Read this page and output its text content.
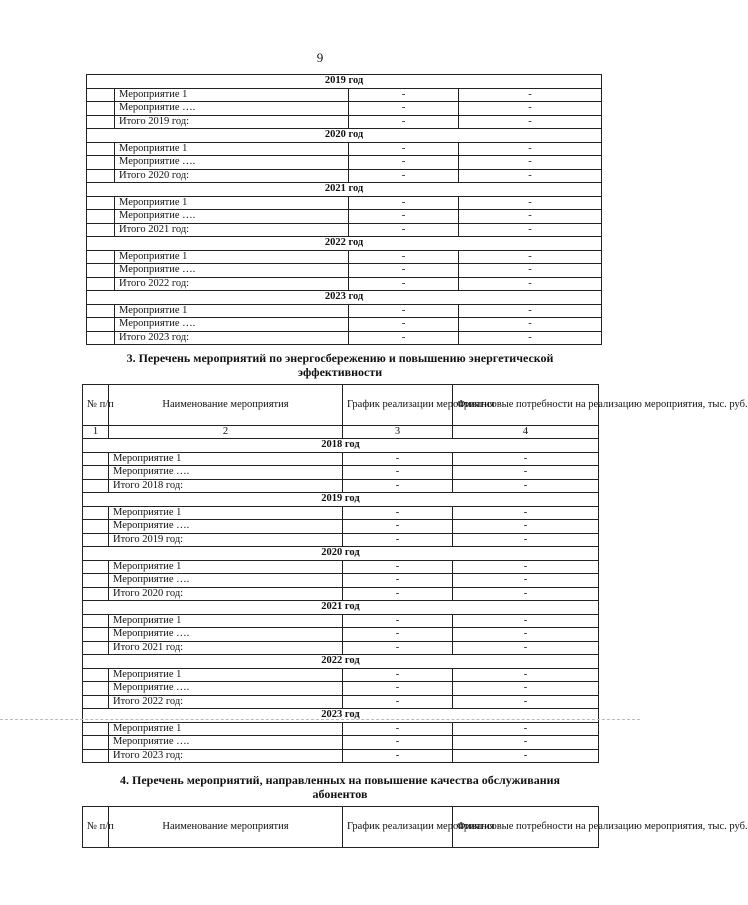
9
2019 год			
	Мероприятие 1	-	-
	Мероприятие ….	-	-
	Итого 2019 год:	-	-
2020 год			
	Мероприятие 1	-	-
	Мероприятие ….	-	-
	Итого 2020 год:	-	-
2021 год			
	Мероприятие 1	-	-
	Мероприятие ….	-	-
	Итого 2021 год:	-	-
2022 год			
	Мероприятие 1	-	-
	Мероприятие ….	-	-
	Итого 2022 год:	-	-
2023 год			
	Мероприятие 1	-	-
	Мероприятие ….	-	-
	Итого 2023 год:	-	-
3. Перечень мероприятий по энергосбережению и повышению энергетической
эффективности
№ п/п	Наименование мероприятия	График реализации мероприятия	Финансовые потребности на реализацию мероприятия, тыс. руб.
1	2	3	4
2018 год			
	Мероприятие 1	-	-
	Мероприятие ….	-	-
	Итого 2018 год:	-	-
2019 год			
	Мероприятие 1	-	-
	Мероприятие ….	-	-
	Итого 2019 год:	-	-
2020 год			
	Мероприятие 1	-	-
	Мероприятие ….	-	-
	Итого 2020 год:	-	-
2021 год			
	Мероприятие 1	-	-
	Мероприятие ….	-	-
	Итого 2021 год:	-	-
2022 год			
	Мероприятие 1	-	-
	Мероприятие ….	-	-
	Итого 2022 год:	-	-
2023 год			
	Мероприятие 1	-	-
	Мероприятие ….	-	-
	Итого 2023 год:	-	-
4. Перечень мероприятий, направленных на повышение качества обслуживания
абонентов
№ п/п	Наименование мероприятия	График реализации мероприятия	Финансовые потребности на реализацию мероприятия, тыс. руб.
